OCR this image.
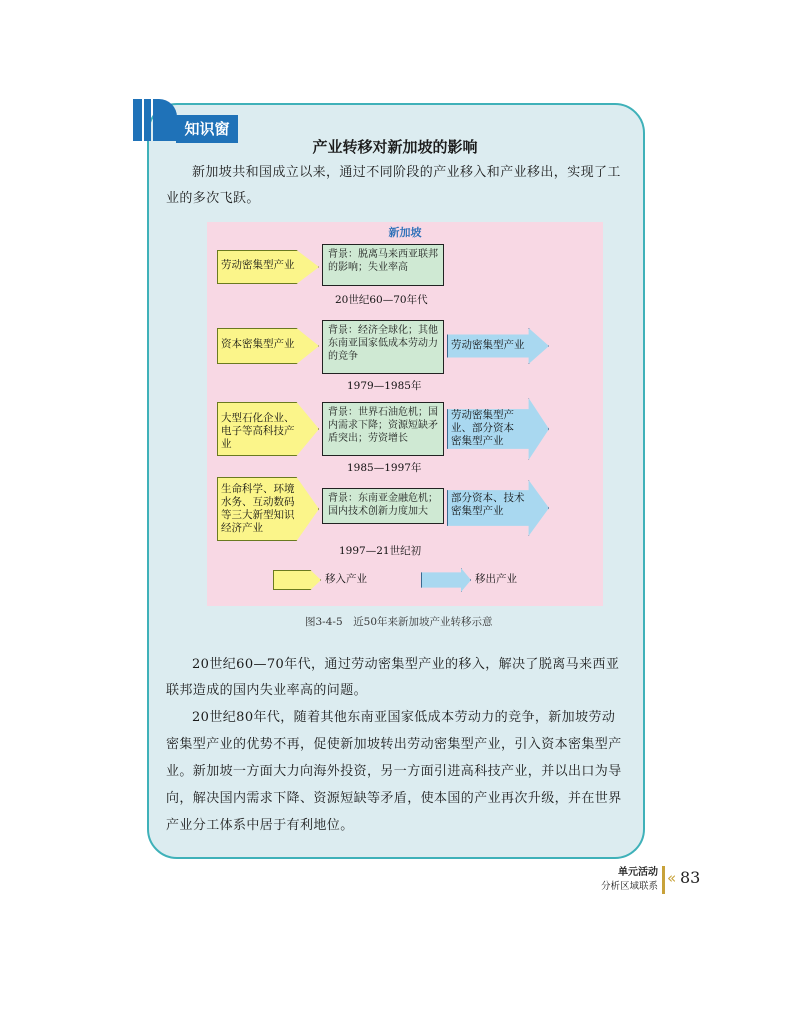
知识窗
产业转移对新加坡的影响

新加坡共和国成立以来，通过不同阶段的产业移入和产业移出，实现了工业的多次飞跃。

新加坡
劳动密集型产业
背景：脱离马来西亚联邦的影响；失业率高
20世纪60—70年代
资本密集型产业
背景：经济全球化；其他东南亚国家低成本劳动力的竞争
劳动密集型产业
1979—1985年
大型石化企业、电子等高科技产业
背景：世界石油危机；国内需求下降；资源短缺矛盾突出；劳资增长
劳动密集型产业、部分资本密集型产业
1985—1997年
生命科学、环境水务、互动数码等三大新型知识经济产业
背景：东南亚金融危机；国内技术创新力度加大
部分资本、技术密集型产业
1997—21世纪初
移入产业	移出产业
图3-4-5　近50年来新加坡产业转移示意

20世纪60—70年代，通过劳动密集型产业的移入，解决了脱离马来西亚联邦造成的国内失业率高的问题。

20世纪80年代，随着其他东南亚国家低成本劳动力的竞争，新加坡劳动密集型产业的优势不再，促使新加坡转出劳动密集型产业，引入资本密集型产业。新加坡一方面大力向海外投资，另一方面引进高科技产业，并以出口为导向，解决国内需求下降、资源短缺等矛盾，使本国的产业再次升级，并在世界产业分工体系中居于有利地位。

单元活动
分析区域联系 « 83
